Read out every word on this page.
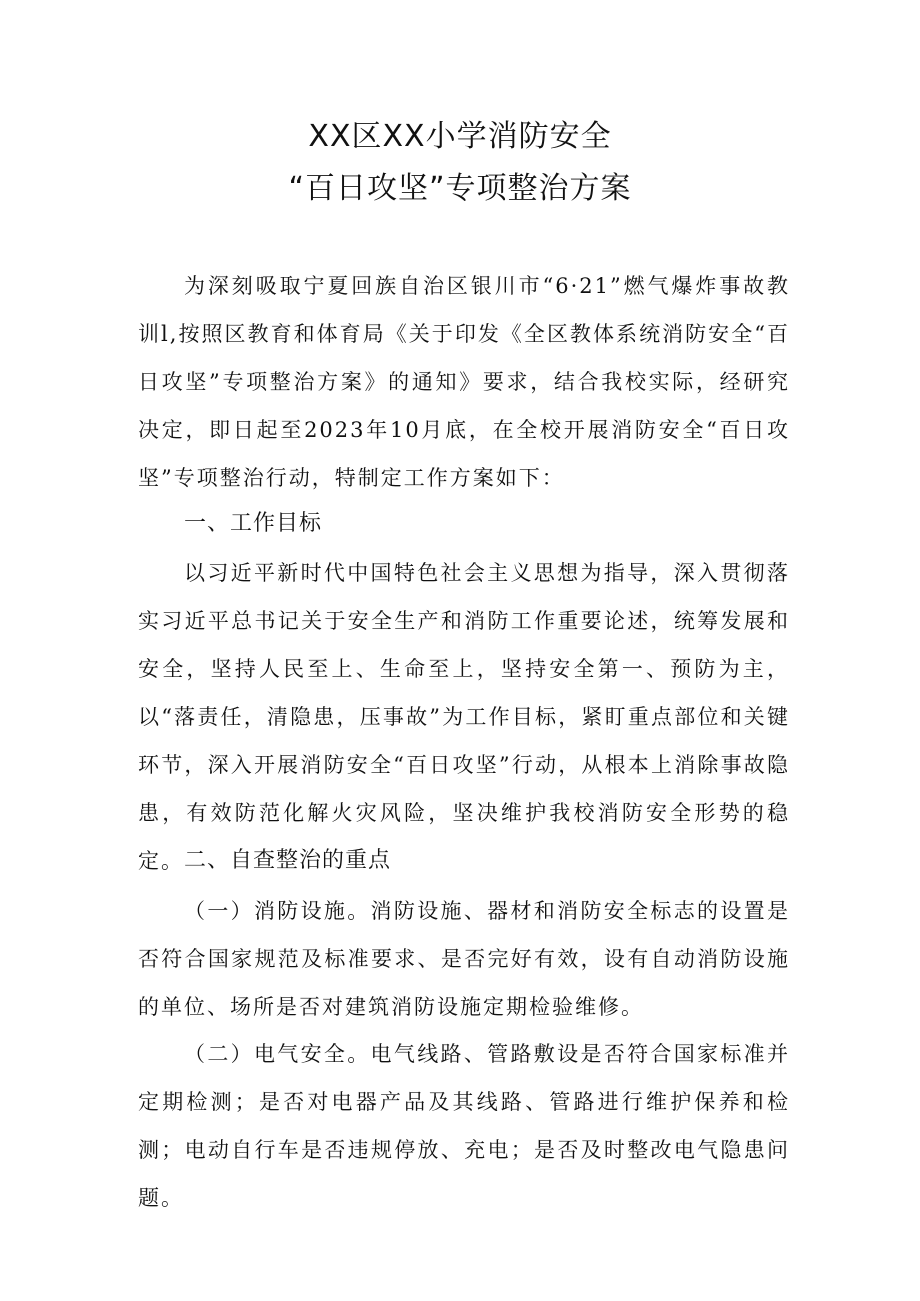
XX区XX小学消防安全
“百日攻坚”专项整治方案

为深刻吸取宁夏回族自治区银川市“6·21”燃气爆炸事故教训l,按照区教育和体育局《关于印发《全区教体系统消防安全“百日攻坚”专项整治方案》的通知》要求，结合我校实际，经研究决定，即日起至2023年10月底，在全校开展消防安全“百日攻坚”专项整治行动，特制定工作方案如下：

一、工作目标

以习近平新时代中国特色社会主义思想为指导，深入贯彻落实习近平总书记关于安全生产和消防工作重要论述，统筹发展和安全，坚持人民至上、生命至上，坚持安全第一、预防为主，以“落责任，清隐患，压事故”为工作目标，紧盯重点部位和关键环节，深入开展消防安全“百日攻坚”行动，从根本上消除事故隐患，有效防范化解火灾风险，坚决维护我校消防安全形势的稳定。 二、自查整治的重点

（一）消防设施。消防设施、器材和消防安全标志的设置是否符合国家规范及标准要求、是否完好有效，设有自动消防设施的单位、场所是否对建筑消防设施定期检验维修。

（二）电气安全。电气线路、管路敷设是否符合国家标准并定期检测；是否对电器产品及其线路、管路进行维护保养和检测；电动自行车是否违规停放、充电；是否及时整改电气隐患问题。
